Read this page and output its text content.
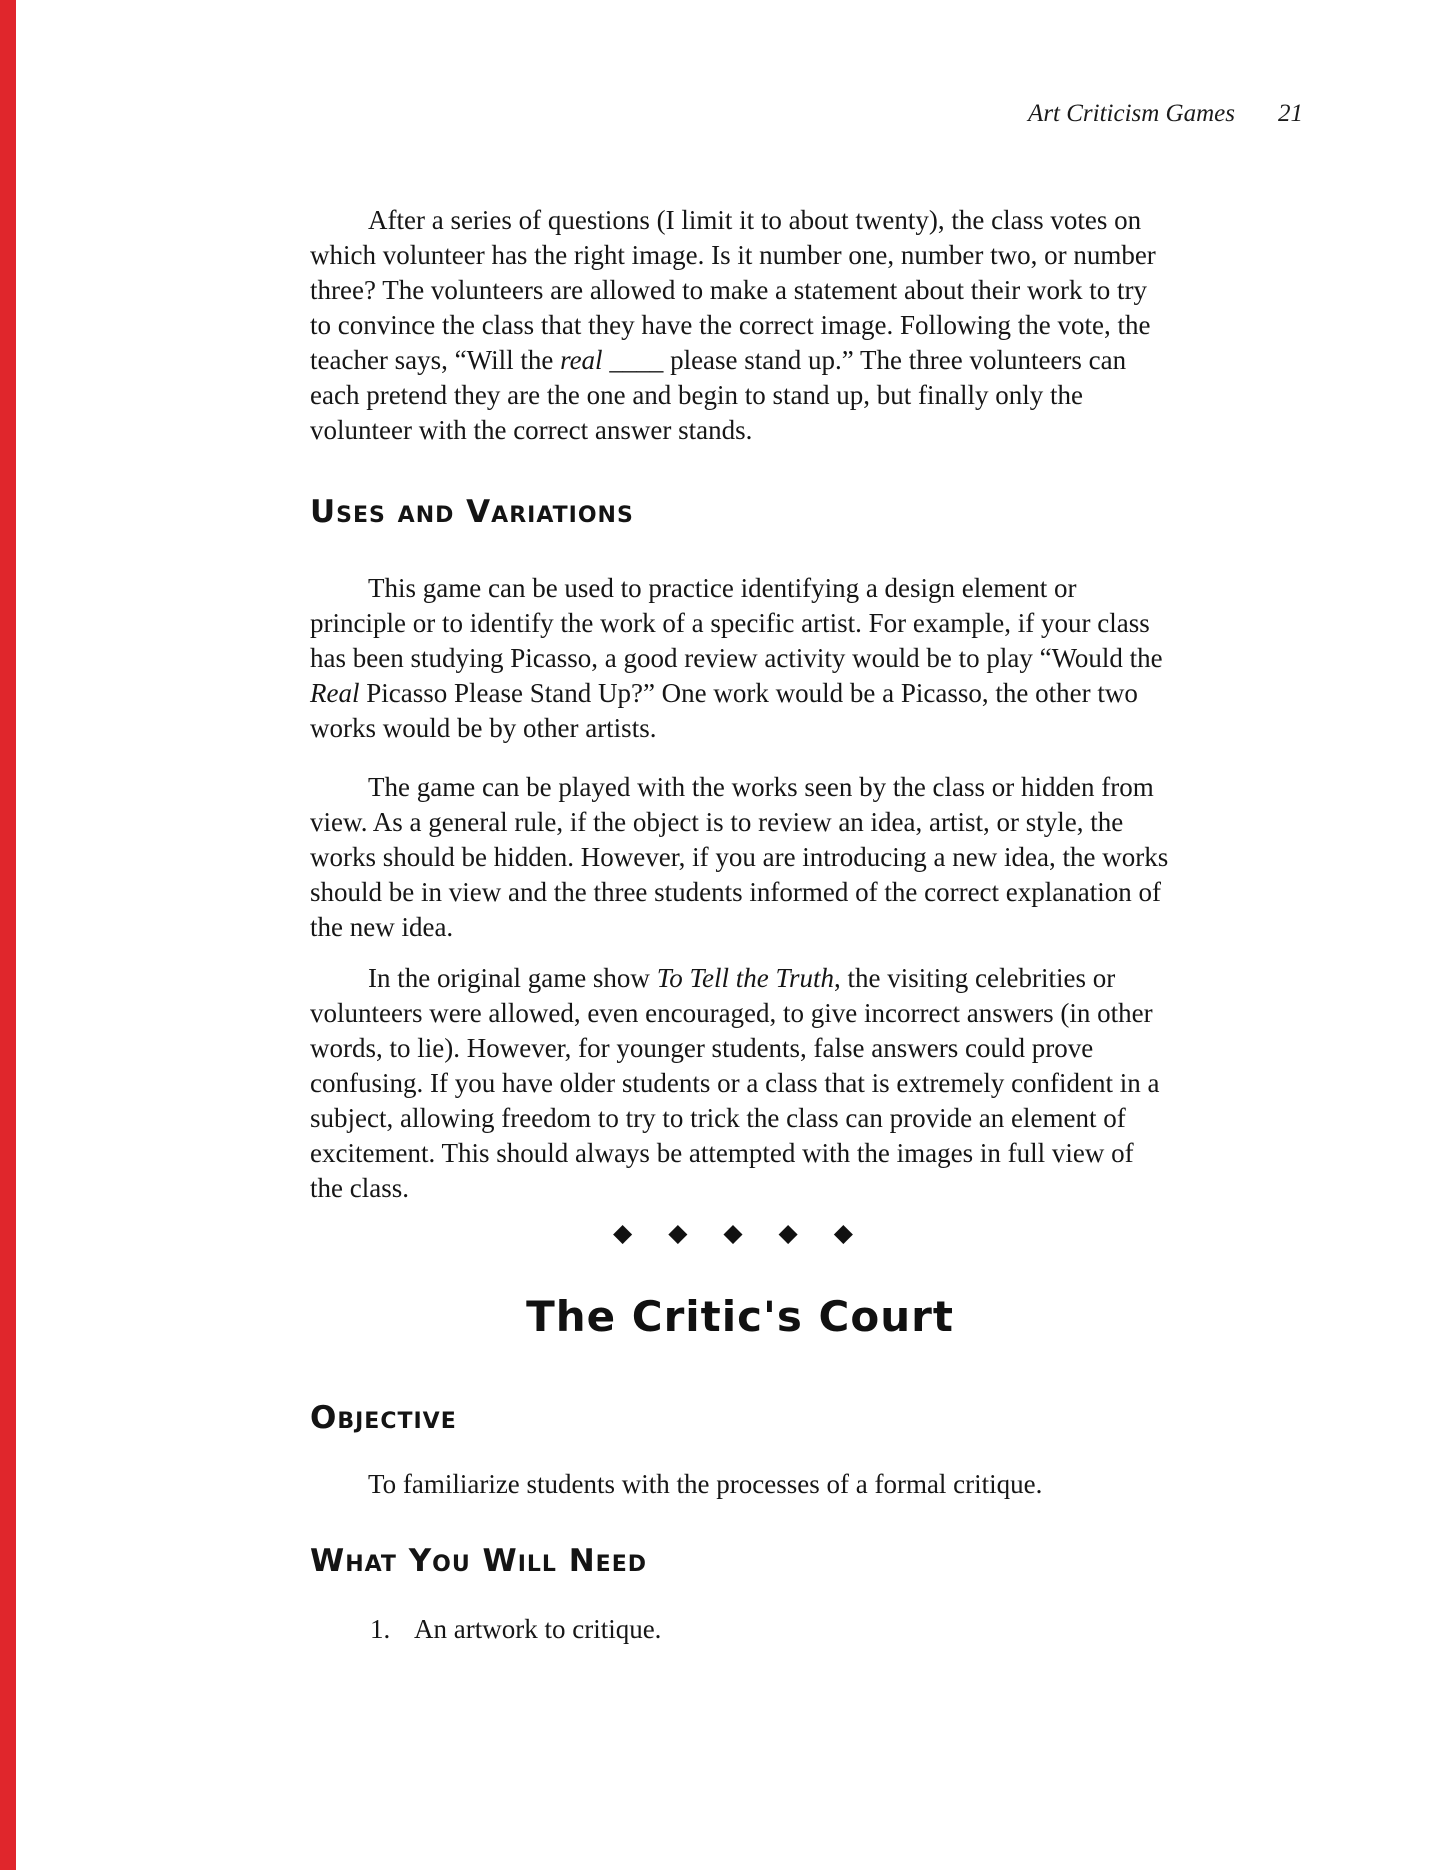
Art Criticism Games 21

After a series of questions (I limit it to about twenty), the class votes on which volunteer has the right image. Is it number one, number two, or number three? The volunteers are allowed to make a statement about their work to try to convince the class that they have the correct image. Following the vote, the teacher says, “Will the real ____ please stand up.” The three volunteers can each pretend they are the one and begin to stand up, but finally only the volunteer with the correct answer stands.

Uses and Variations

This game can be used to practice identifying a design element or principle or to identify the work of a specific artist. For example, if your class has been studying Picasso, a good review activity would be to play “Would the Real Picasso Please Stand Up?” One work would be a Picasso, the other two works would be by other artists.

The game can be played with the works seen by the class or hidden from view. As a general rule, if the object is to review an idea, artist, or style, the works should be hidden. However, if you are introducing a new idea, the works should be in view and the three students informed of the correct explanation of the new idea.

In the original game show To Tell the Truth, the visiting celebrities or volunteers were allowed, even encouraged, to give incorrect answers (in other words, to lie). However, for younger students, false answers could prove confusing. If you have older students or a class that is extremely confident in a subject, allowing freedom to try to trick the class can provide an element of excitement. This should always be attempted with the images in full view of the class.

◆ ◆ ◆ ◆ ◆
The Critic's Court
Objective

To familiarize students with the processes of a formal critique.

What You Will Need
1. An artwork to critique.
